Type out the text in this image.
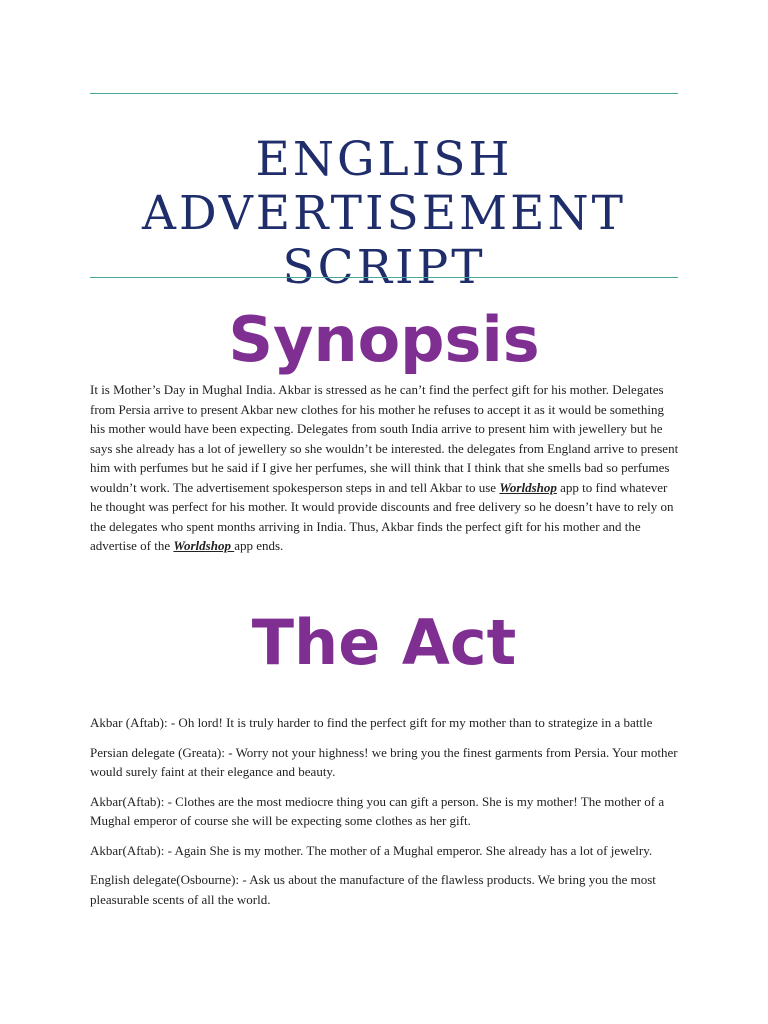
ENGLISH
ADVERTISEMENT
SCRIPT
Synopsis
It is Mother’s Day in Mughal India. Akbar is stressed as he can’t find the perfect gift for his mother. Delegates from Persia arrive to present Akbar new clothes for his mother he refuses to accept it as it would be something his mother would have been expecting. Delegates from south India arrive to present him with jewellery but he says she already has a lot of jewellery so she wouldn’t be interested. the delegates from England arrive to present him with perfumes but he said if I give her perfumes, she will think that I think that she smells bad so perfumes wouldn’t work. The advertisement spokesperson steps in and tell Akbar to use Worldshop app to find whatever he thought was perfect for his mother. It would provide discounts and free delivery so he doesn’t have to rely on the delegates who spent months arriving in India. Thus, Akbar finds the perfect gift for his mother and the advertise of the Worldshop app ends.
The Act

Akbar (Aftab): - Oh lord! It is truly harder to find the perfect gift for my mother than to strategize in a battle

Persian delegate (Greata): - Worry not your highness! we bring you the finest garments from Persia. Your mother would surely faint at their elegance and beauty.

Akbar(Aftab): - Clothes are the most mediocre thing you can gift a person. She is my mother! The mother of a Mughal emperor of course she will be expecting some clothes as her gift.

Akbar(Aftab): - Again She is my mother. The mother of a Mughal emperor. She already has a lot of jewelry.

English delegate(Osbourne): - Ask us about the manufacture of the flawless products. We bring you the most pleasurable scents of all the world.
